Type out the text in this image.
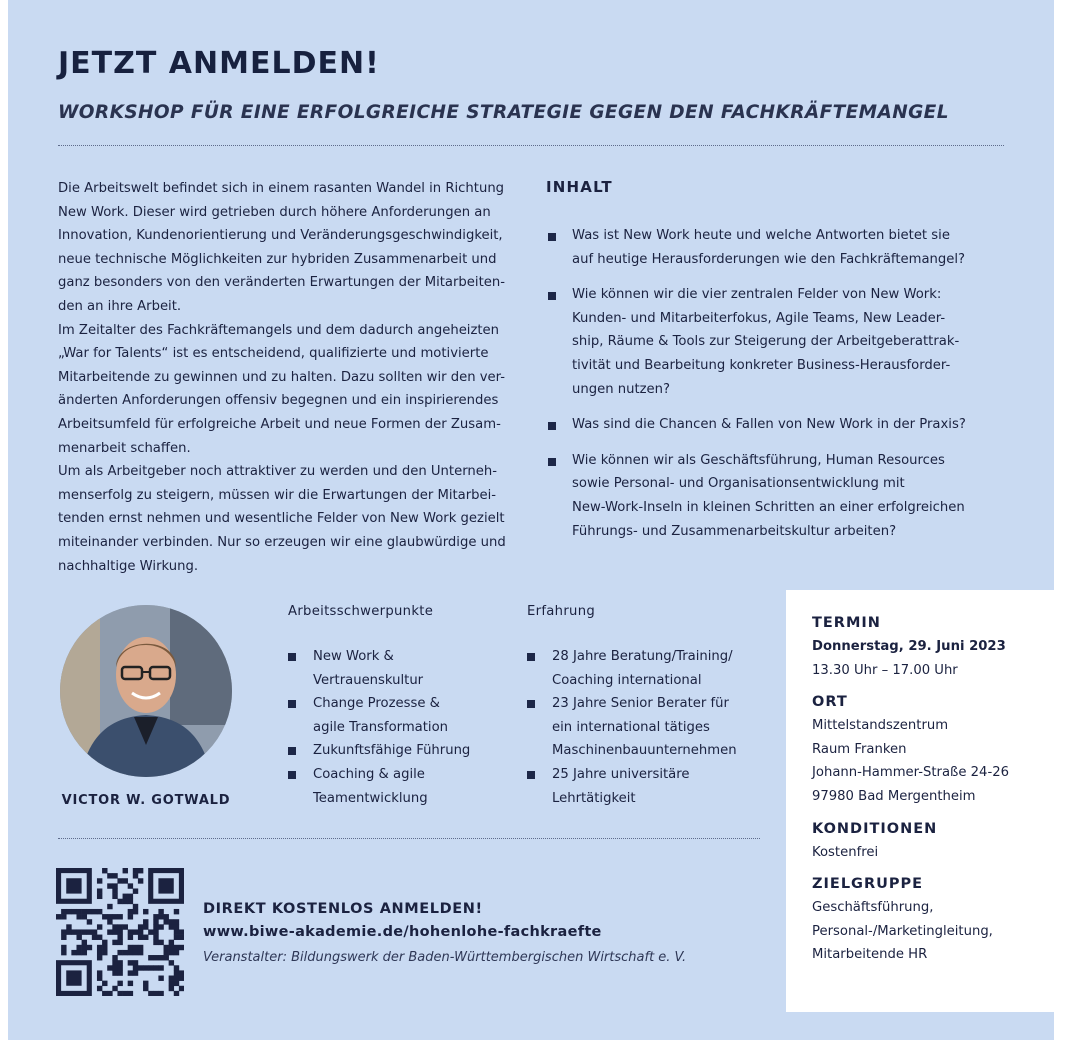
JETZT ANMELDEN!
WORKSHOP FÜR EINE ERFOLGREICHE STRATEGIE GEGEN DEN FACHKRÄFTEMANGEL

Die Arbeitswelt befindet sich in einem rasanten Wandel in Richtung
New Work. Dieser wird getrieben durch höhere Anforderungen an
Innovation, Kundenorientierung und Veränderungsgeschwindigkeit,
neue technische Möglichkeiten zur hybriden Zusammenarbeit und
ganz besonders von den veränderten Erwartungen der Mitarbeiten-
den an ihre Arbeit.
Im Zeitalter des Fachkräftemangels und dem dadurch angeheizten
„War for Talents“ ist es entscheidend, qualifizierte und motivierte
Mitarbeitende zu gewinnen und zu halten. Dazu sollten wir den ver-
änderten Anforderungen offensiv begegnen und ein inspirierendes
Arbeitsumfeld für erfolgreiche Arbeit und neue Formen der Zusam-
menarbeit schaffen.
Um als Arbeitgeber noch attraktiver zu werden und den Unterneh-
menserfolg zu steigern, müssen wir die Erwartungen der Mitarbei-
tenden ernst nehmen und wesentliche Felder von New Work gezielt
miteinander verbinden. Nur so erzeugen wir eine glaubwürdige und
nachhaltige Wirkung.

INHALT
Was ist New Work heute und welche Antworten bietet sie
auf heutige Herausforderungen wie den Fachkräftemangel?
Wie können wir die vier zentralen Felder von New Work:
Kunden- und Mitarbeiterfokus, Agile Teams, New Leader-
ship, Räume & Tools zur Steigerung der Arbeitgeberattrak-
tivität und Bearbeitung konkreter Business-Herausforder-
ungen nutzen?
Was sind die Chancen & Fallen von New Work in der Praxis?
Wie können wir als Geschäftsführung, Human Resources
sowie Personal- und Organisationsentwicklung mit
New-Work-Inseln in kleinen Schritten an einer erfolgreichen
Führungs- und Zusammenarbeitskultur arbeiten?

VICTOR W. GOTWALD

Arbeitsschwerpunkte

New Work &
Vertrauenskultur
Change Prozesse &
agile Transformation
Zukunftsfähige Führung
Coaching & agile
Teamentwicklung

Erfahrung

28 Jahre Beratung/Training/
Coaching international
23 Jahre Senior Berater für
ein international tätiges
Maschinenbauunternehmen
25 Jahre universitäre
Lehrtätigkeit

TERMIN

Donnerstag, 29. Juni 2023

13.30 Uhr – 17.00 Uhr

ORT

Mittelstandszentrum
Raum Franken
Johann-Hammer-Straße 24-26
97980 Bad Mergentheim

KONDITIONEN

Kostenfrei

ZIELGRUPPE

Geschäftsführung,
Personal-/Marketingleitung,
Mitarbeitende HR

DIREKT KOSTENLOS ANMELDEN!

www.biwe-akademie.de/hohenlohe-fachkraefte

Veranstalter: Bildungswerk der Baden-Württembergischen Wirtschaft e. V.
